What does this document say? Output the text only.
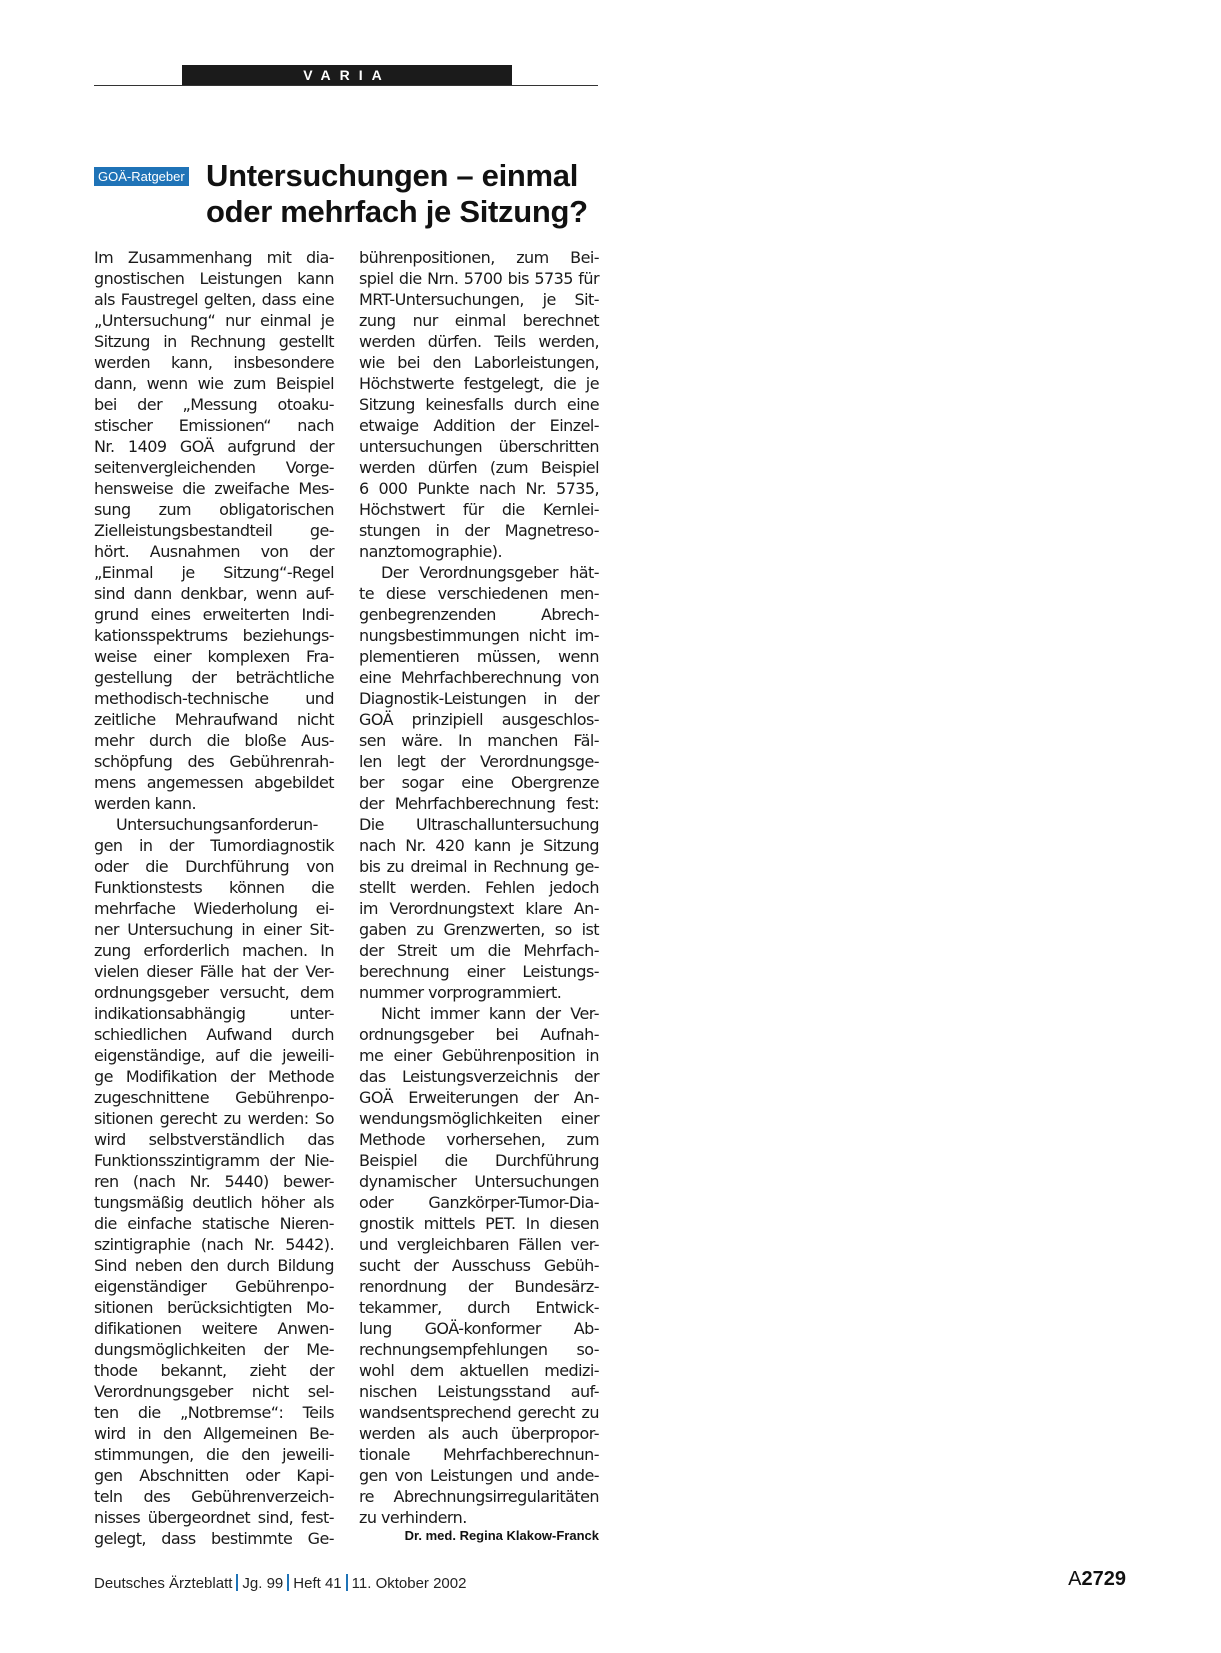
VARIA
GOÄ-Ratgeber Untersuchungen – einmal
oder mehrfach je Sitzung?
Im Zusammenhang mit dia-
gnostischen Leistungen kann
als Faustregel gelten, dass eine
„Untersuchung“ nur einmal je
Sitzung in Rechnung gestellt
werden kann, insbesondere
dann, wenn wie zum Beispiel
bei der „Messung otoaku-
stischer Emissionen“ nach
Nr. 1409 GOÄ aufgrund der
seitenvergleichenden Vorge-
hensweise die zweifache Mes-
sung zum obligatorischen
Zielleistungsbestandteil ge-
hört. Ausnahmen von der
„Einmal je Sitzung“-Regel
sind dann denkbar, wenn auf-
grund eines erweiterten Indi-
kationsspektrums beziehungs-
weise einer komplexen Fra-
gestellung der beträchtliche
methodisch-technische und
zeitliche Mehraufwand nicht
mehr durch die bloße Aus-
schöpfung des Gebührenrah-
mens angemessen abgebildet
werden kann.
Untersuchungsanforderun-
gen in der Tumordiagnostik
oder die Durchführung von
Funktionstests können die
mehrfache Wiederholung ei-
ner Untersuchung in einer Sit-
zung erforderlich machen. In
vielen dieser Fälle hat der Ver-
ordnungsgeber versucht, dem
indikationsabhängig unter-
schiedlichen Aufwand durch
eigenständige, auf die jeweili-
ge Modifikation der Methode
zugeschnittene Gebührenpo-
sitionen gerecht zu werden: So
wird selbstverständlich das
Funktionsszintigramm der Nie-
ren (nach Nr. 5440) bewer-
tungsmäßig deutlich höher als
die einfache statische Nieren-
szintigraphie (nach Nr. 5442).
Sind neben den durch Bildung
eigenständiger Gebührenpo-
sitionen berücksichtigten Mo-
difikationen weitere Anwen-
dungsmöglichkeiten der Me-
thode bekannt, zieht der
Verordnungsgeber nicht sel-
ten die „Notbremse“: Teils
wird in den Allgemeinen Be-
stimmungen, die den jeweili-
gen Abschnitten oder Kapi-
teln des Gebührenverzeich-
nisses übergeordnet sind, fest-
gelegt, dass bestimmte Ge-
bührenpositionen, zum Bei-
spiel die Nrn. 5700 bis 5735 für
MRT-Untersuchungen, je Sit-
zung nur einmal berechnet
werden dürfen. Teils werden,
wie bei den Laborleistungen,
Höchstwerte festgelegt, die je
Sitzung keinesfalls durch eine
etwaige Addition der Einzel-
untersuchungen überschritten
werden dürfen (zum Beispiel
6 000 Punkte nach Nr. 5735,
Höchstwert für die Kernlei-
stungen in der Magnetreso-
nanztomographie).
Der Verordnungsgeber hät-
te diese verschiedenen men-
genbegrenzenden Abrech-
nungsbestimmungen nicht im-
plementieren müssen, wenn
eine Mehrfachberechnung von
Diagnostik-Leistungen in der
GOÄ prinzipiell ausgeschlos-
sen wäre. In manchen Fäl-
len legt der Verordnungsge-
ber sogar eine Obergrenze
der Mehrfachberechnung fest:
Die Ultraschalluntersuchung
nach Nr. 420 kann je Sitzung
bis zu dreimal in Rechnung ge-
stellt werden. Fehlen jedoch
im Verordnungstext klare An-
gaben zu Grenzwerten, so ist
der Streit um die Mehrfach-
berechnung einer Leistungs-
nummer vorprogrammiert.
Nicht immer kann der Ver-
ordnungsgeber bei Aufnah-
me einer Gebührenposition in
das Leistungsverzeichnis der
GOÄ Erweiterungen der An-
wendungsmöglichkeiten einer
Methode vorhersehen, zum
Beispiel die Durchführung
dynamischer Untersuchungen
oder Ganzkörper-Tumor-Dia-
gnostik mittels PET. In diesen
und vergleichbaren Fällen ver-
sucht der Ausschuss Gebüh-
renordnung der Bundesärz-
tekammer, durch Entwick-
lung GOÄ-konformer Ab-
rechnungsempfehlungen so-
wohl dem aktuellen medizi-
nischen Leistungsstand auf-
wandsentsprechend gerecht zu
werden als auch überpropor-
tionale Mehrfachberechnun-
gen von Leistungen und ande-
re Abrechnungsirregularitäten
zu verhindern.
Dr. med. Regina Klakow-Franck
Deutsches Ärzteblatt Jg. 99 Heft 41 11. Oktober 2002	A2729
